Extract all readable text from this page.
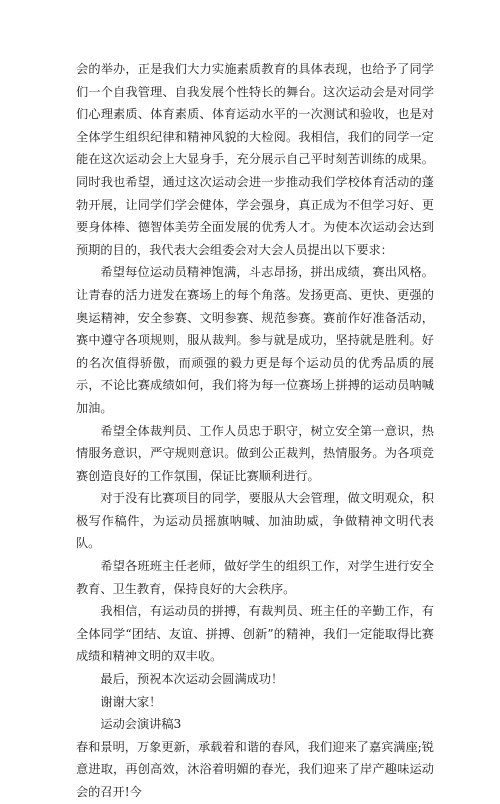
会的举办，正是我们大力实施素质教育的具体表现，也给予了同学们一个自我管理、自我发展个性特长的舞台。这次运动会是对同学们心理素质、体育素质、体育运动水平的一次测试和验收，也是对全体学生组织纪律和精神风貌的大检阅。我相信，我们的同学一定能在这次运动会上大显身手，充分展示自己平时刻苦训练的成果。同时我也希望，通过这次运动会进一步推动我们学校体育活动的蓬勃开展，让同学们学会健体，学会强身，真正成为不但学习好、更要身体棒、德智体美劳全面发展的优秀人才。为使本次运动会达到预期的目的，我代表大会组委会对大会人员提出以下要求：

希望每位运动员精神饱满，斗志昂扬，拼出成绩，赛出风格。让青春的活力迸发在赛场上的每个角落。发扬更高、更快、更强的奥运精神，安全参赛、文明参赛、规范参赛。赛前作好准备活动，赛中遵守各项规则，服从裁判。参与就是成功，坚持就是胜利。好的名次值得骄傲，而顽强的毅力更是每个运动员的优秀品质的展示，不论比赛成绩如何，我们将为每一位赛场上拼搏的运动员呐喊加油。

希望全体裁判员、工作人员忠于职守，树立安全第一意识，热情服务意识，严守规则意识。做到公正裁判，热情服务。为各项竞赛创造良好的工作氛围，保证比赛顺利进行。

对于没有比赛项目的同学，要服从大会管理，做文明观众，积极写作稿件，为运动员摇旗呐喊、加油助威，争做精神文明代表队。

希望各班班主任老师，做好学生的组织工作，对学生进行安全教育、卫生教育，保持良好的大会秩序。

我相信，有运动员的拼搏，有裁判员、班主任的辛勤工作，有全体同学“团结、友谊、拼搏、创新”的精神，我们一定能取得比赛成绩和精神文明的双丰收。

最后，预祝本次运动会圆满成功！

谢谢大家！

运动会演讲稿3

春和景明，万象更新，承载着和谐的春风，我们迎来了嘉宾满座;锐意进取，再创高效，沐浴着明媚的春光，我们迎来了岸产趣味运动会的召开!今
